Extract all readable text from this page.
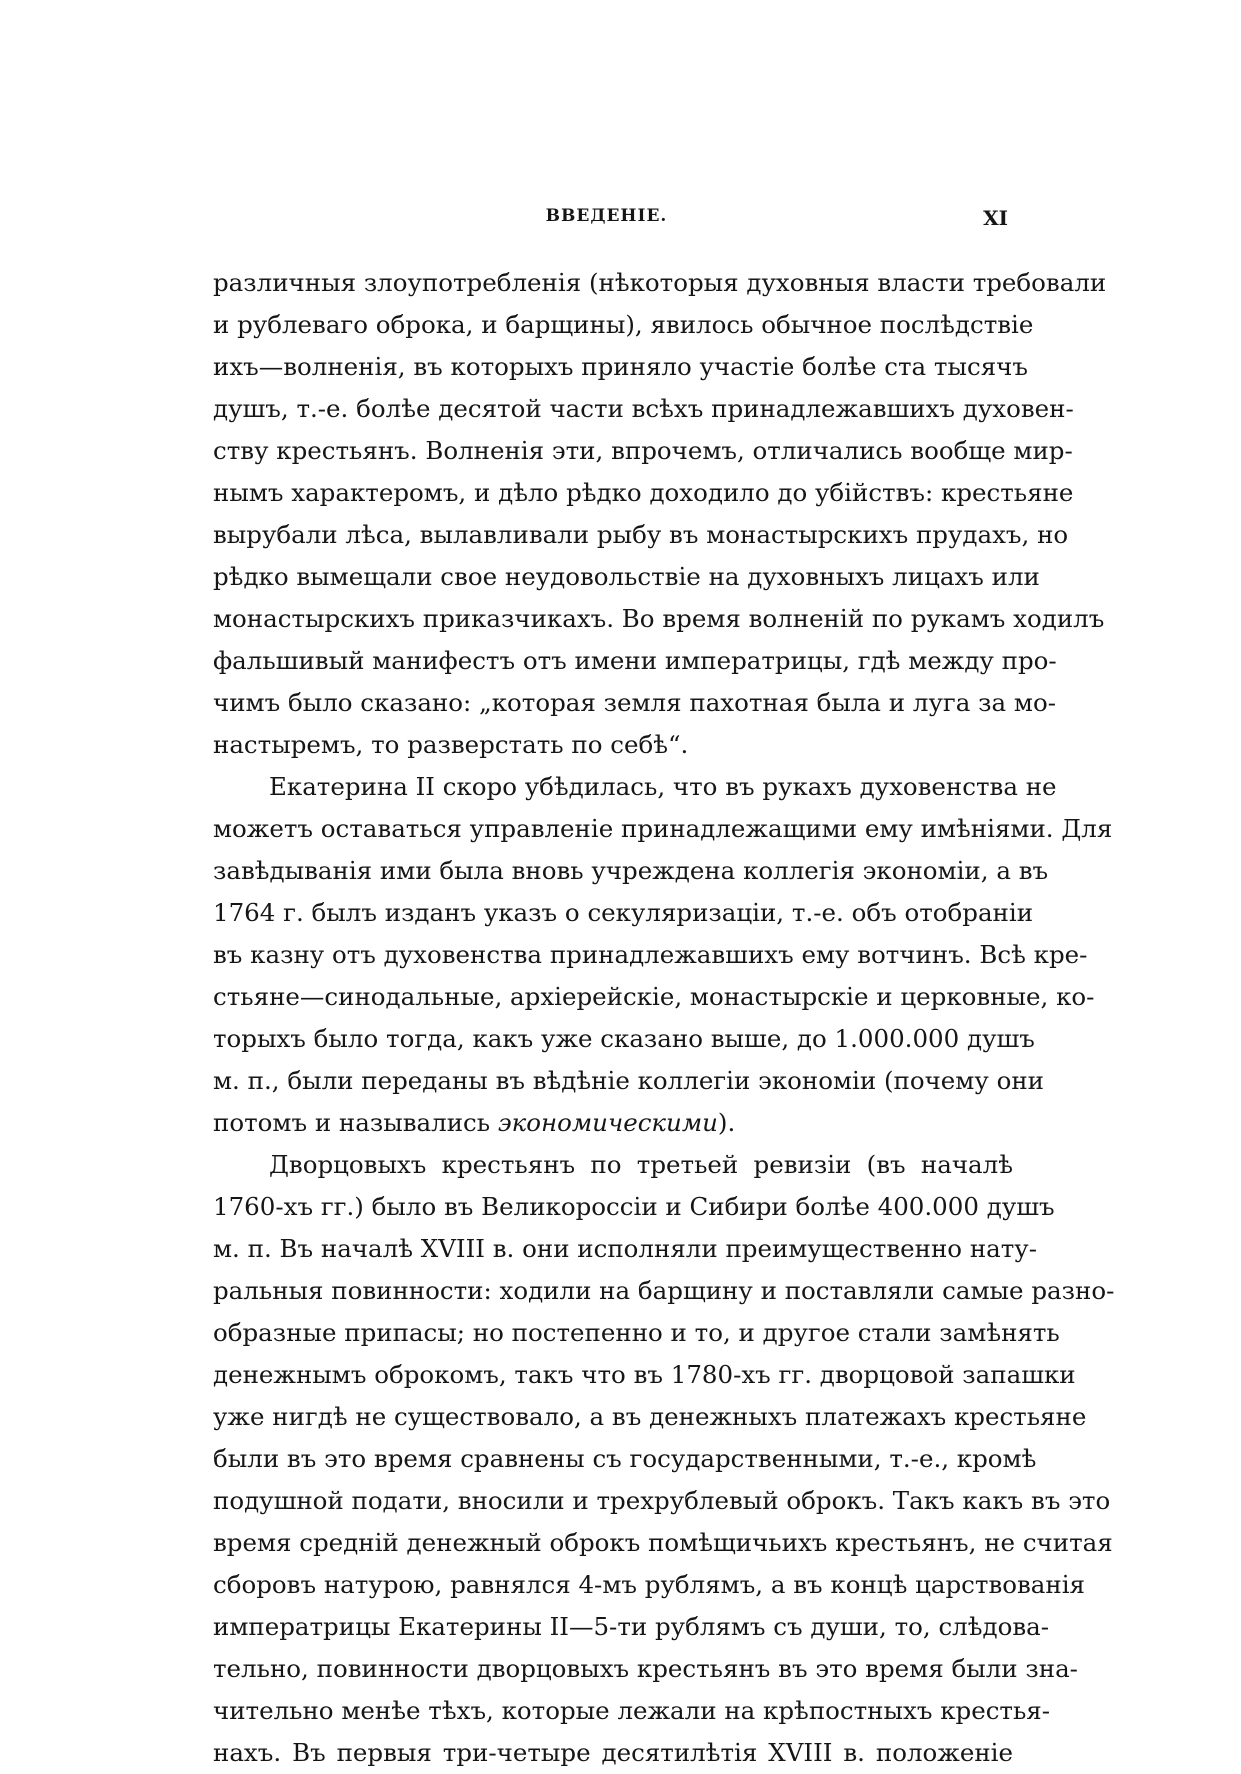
ВВЕДЕНІЕ.	XI
различныя злоупотребленія (нѣкоторыя духовныя власти требовали
и рублеваго оброка, и барщины), явилось обычное послѣдствіе
ихъ—волненія, въ которыхъ приняло участіе болѣе ста тысячъ
душъ, т.-е. болѣе десятой части всѣхъ принадлежавшихъ духовен-
ству крестьянъ. Волненія эти, впрочемъ, отличались вообще мир-
нымъ характеромъ, и дѣло рѣдко доходило до убійствъ: крестьяне
вырубали лѣса, вылавливали рыбу въ монастырскихъ прудахъ, но
рѣдко вымещали свое неудовольствіе на духовныхъ лицахъ или
монастырскихъ приказчикахъ. Во время волненій по рукамъ ходилъ
фальшивый манифестъ отъ имени императрицы, гдѣ между про-
чимъ было сказано: „которая земля пахотная была и луга за мо-
настыремъ, то разверстать по себѣ“.
Екатерина II скоро убѣдилась, что въ рукахъ духовенства не
можетъ оставаться управленіе принадлежащими ему имѣніями. Для
завѣдыванія ими была вновь учреждена коллегія экономіи, а въ
1764 г. былъ изданъ указъ о секуляризаціи, т.-е. объ отобраніи
въ казну отъ духовенства принадлежавшихъ ему вотчинъ. Всѣ кре-
стьяне—синодальные, архіерейскіе, монастырскіе и церковные, ко-
торыхъ было тогда, какъ уже сказано выше, до 1.000.000 душъ
м. п., были переданы въ вѣдѣніе коллегіи экономіи (почему они
потомъ и назывались экономическими).
Дворцовыхъ крестьянъ по третьей ревизіи (въ началѣ
1760-хъ гг.) было въ Великороссіи и Сибири болѣе 400.000 душъ
м. п. Въ началѣ XVIII в. они исполняли преимущественно нату-
ральныя повинности: ходили на барщину и поставляли самые разно-
образные припасы; но постепенно и то, и другое стали замѣнять
денежнымъ оброкомъ, такъ что въ 1780-хъ гг. дворцовой запашки
уже нигдѣ не существовало, а въ денежныхъ платежахъ крестьяне
были въ это время сравнены съ государственными, т.-е., кромѣ
подушной подати, вносили и трехрублевый оброкъ. Такъ какъ въ это
время средній денежный оброкъ помѣщичьихъ крестьянъ, не считая
сборовъ натурою, равнялся 4-мъ рублямъ, а въ концѣ царствованія
императрицы Екатерины II—5-ти рублямъ съ души, то, слѣдова-
тельно, повинности дворцовыхъ крестьянъ въ это время были зна-
чительно менѣе тѣхъ, которые лежали на крѣпостныхъ крестья-
нахъ. Въ первыя три-четыре десятилѣтія XVIII в. положеніе
